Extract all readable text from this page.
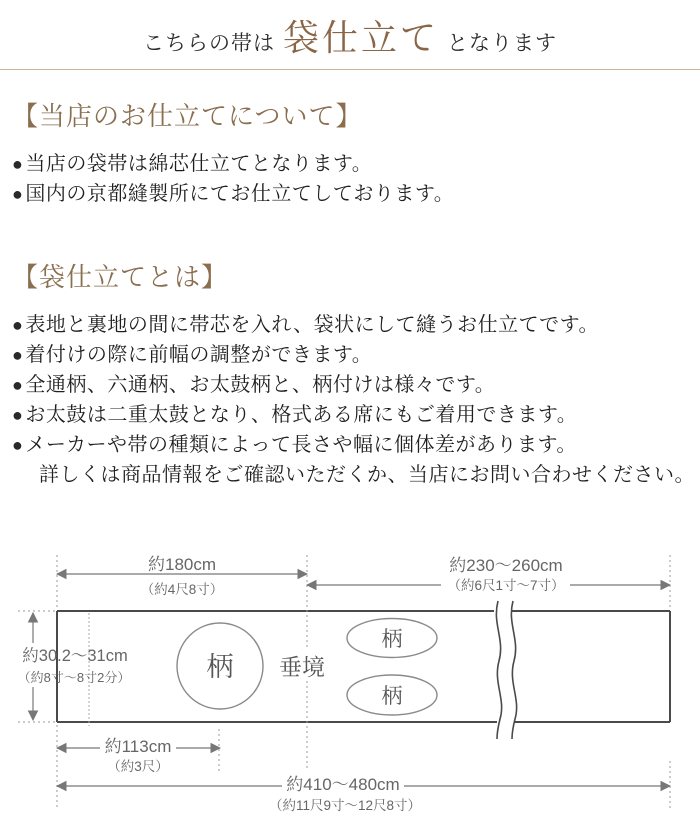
こちらの帯は 袋仕立て となります
【当店のお仕立てについて】
● 当店の袋帯は綿芯仕立てとなります。
● 国内の京都縫製所にてお仕立てしております。
【袋仕立てとは】
● 表地と裏地の間に帯芯を入れ、袋状にして縫うお仕立てです。
● 着付けの際に前幅の調整ができます。
● 全通柄、六通柄、お太鼓柄と、柄付けは様々です。
● お太鼓は二重太鼓となり、格式ある席にもご着用できます。
● メーカーや帯の種類によって長さや幅に個体差があります。
詳しくは商品情報をご確認いただくか、当店にお問い合わせください。
柄
柄
柄
約180cm
（約4尺8寸）
約230〜260cm
（約6尺1寸〜7寸）
約30.2〜31cm
（約8寸〜8寸2分）
約113cm
（約3尺）
約410〜480cm
（約11尺9寸〜12尺8寸）
垂境
